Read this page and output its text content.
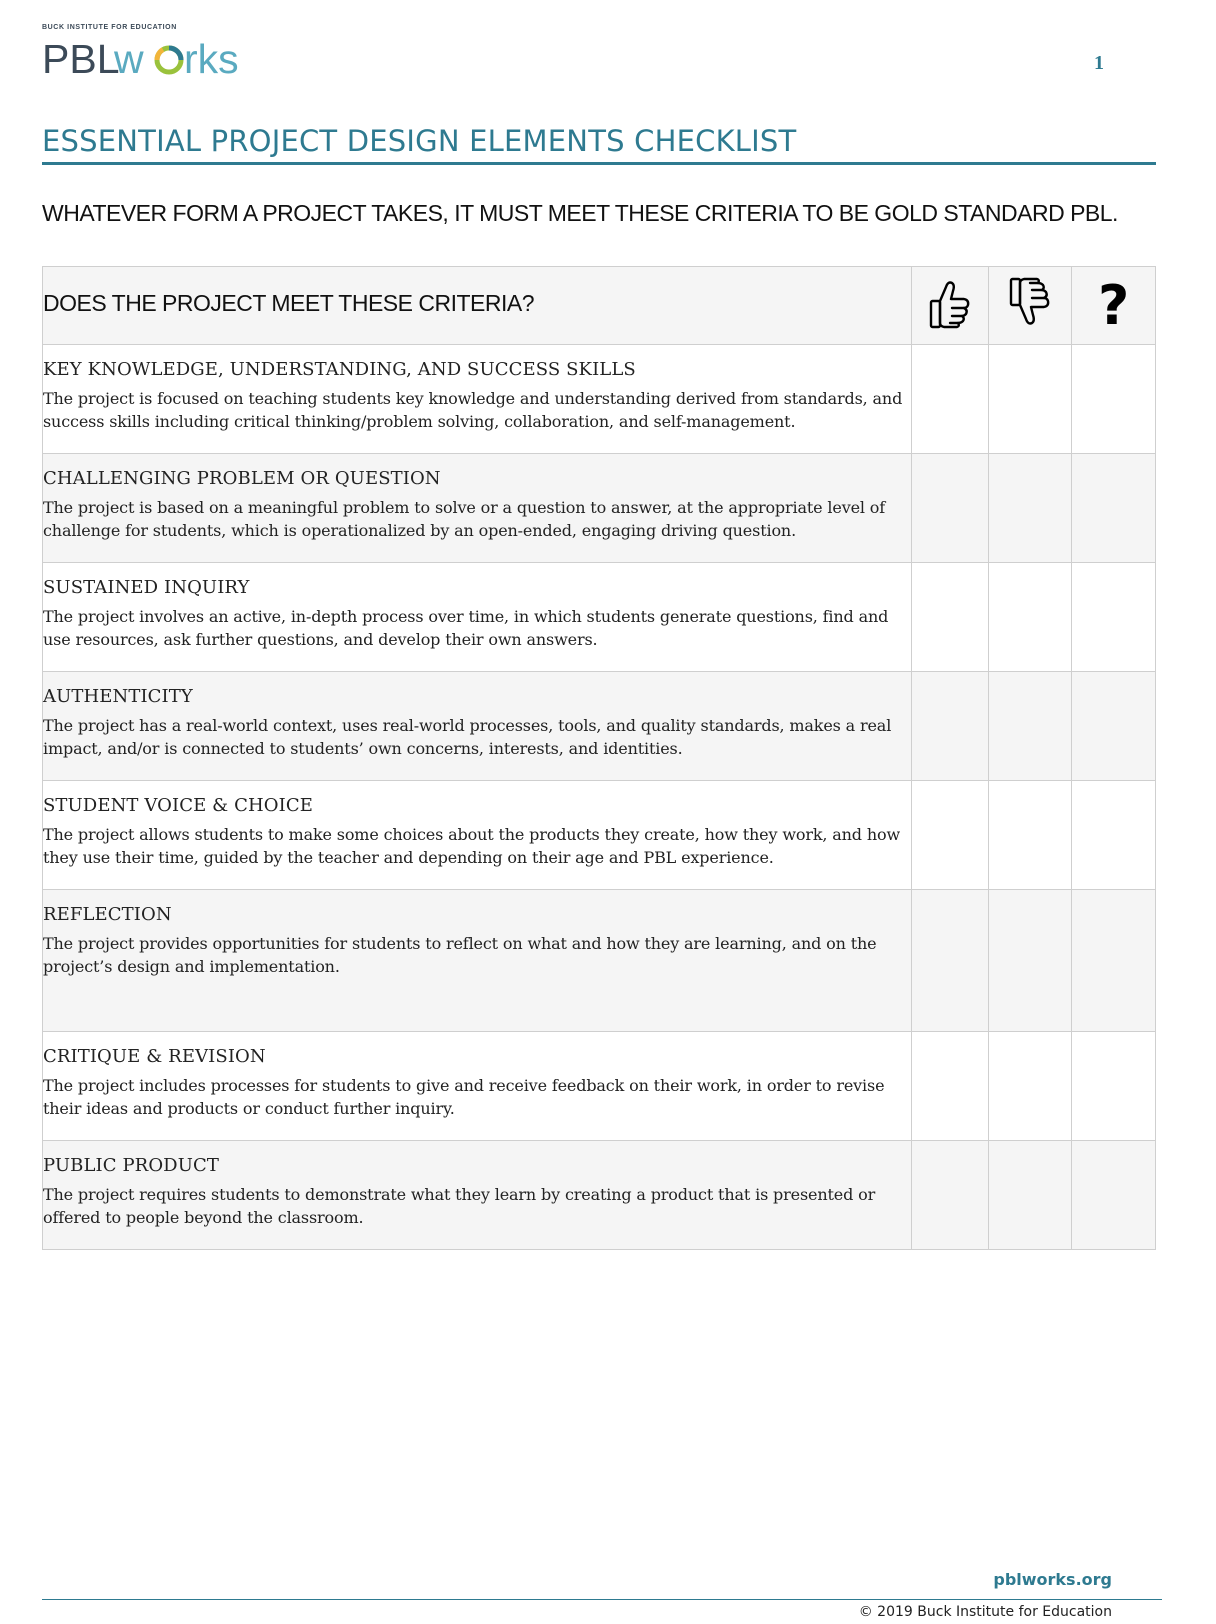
BUCK INSTITUTE FOR EDUCATION
PBL
w rks	1
ESSENTIAL PROJECT DESIGN ELEMENTS CHECKLIST
WHATEVER FORM A PROJECT TAKES, IT MUST MEET THESE CRITERIA TO BE GOLD STANDARD PBL.
DOES THE PROJECT MEET THESE CRITERIA?			?

KEY KNOWLEDGE, UNDERSTANDING, AND SUCCESS SKILLS
The project is focused on teaching students key knowledge and understanding derived from standards, and success skills including critical thinking/problem solving, collaboration, and self-management.			

CHALLENGING PROBLEM OR QUESTION
The project is based on a meaningful problem to solve or a question to answer, at the appropriate level of challenge for students, which is operationalized by an open-ended, engaging driving question.			

SUSTAINED INQUIRY
The project involves an active, in-depth process over time, in which students generate questions, find and use resources, ask further questions, and develop their own answers.			

AUTHENTICITY
The project has a real-world context, uses real-world processes, tools, and quality standards, makes a real impact, and/or is connected to students’ own concerns, interests, and identities.			

STUDENT VOICE & CHOICE
The project allows students to make some choices about the products they create, how they work, and how they use their time, guided by the teacher and depending on their age and PBL experience.			

REFLECTION
The project provides opportunities for students to reflect on what and how they are learning, and on the project’s design and implementation.			

CRITIQUE & REVISION
The project includes processes for students to give and receive feedback on their work, in order to revise their ideas and products or conduct further inquiry.			

PUBLIC PRODUCT
The project requires students to demonstrate what they learn by creating a product that is presented or offered to people beyond the classroom.			

pblworks.org
© 2019 Buck Institute for Education
